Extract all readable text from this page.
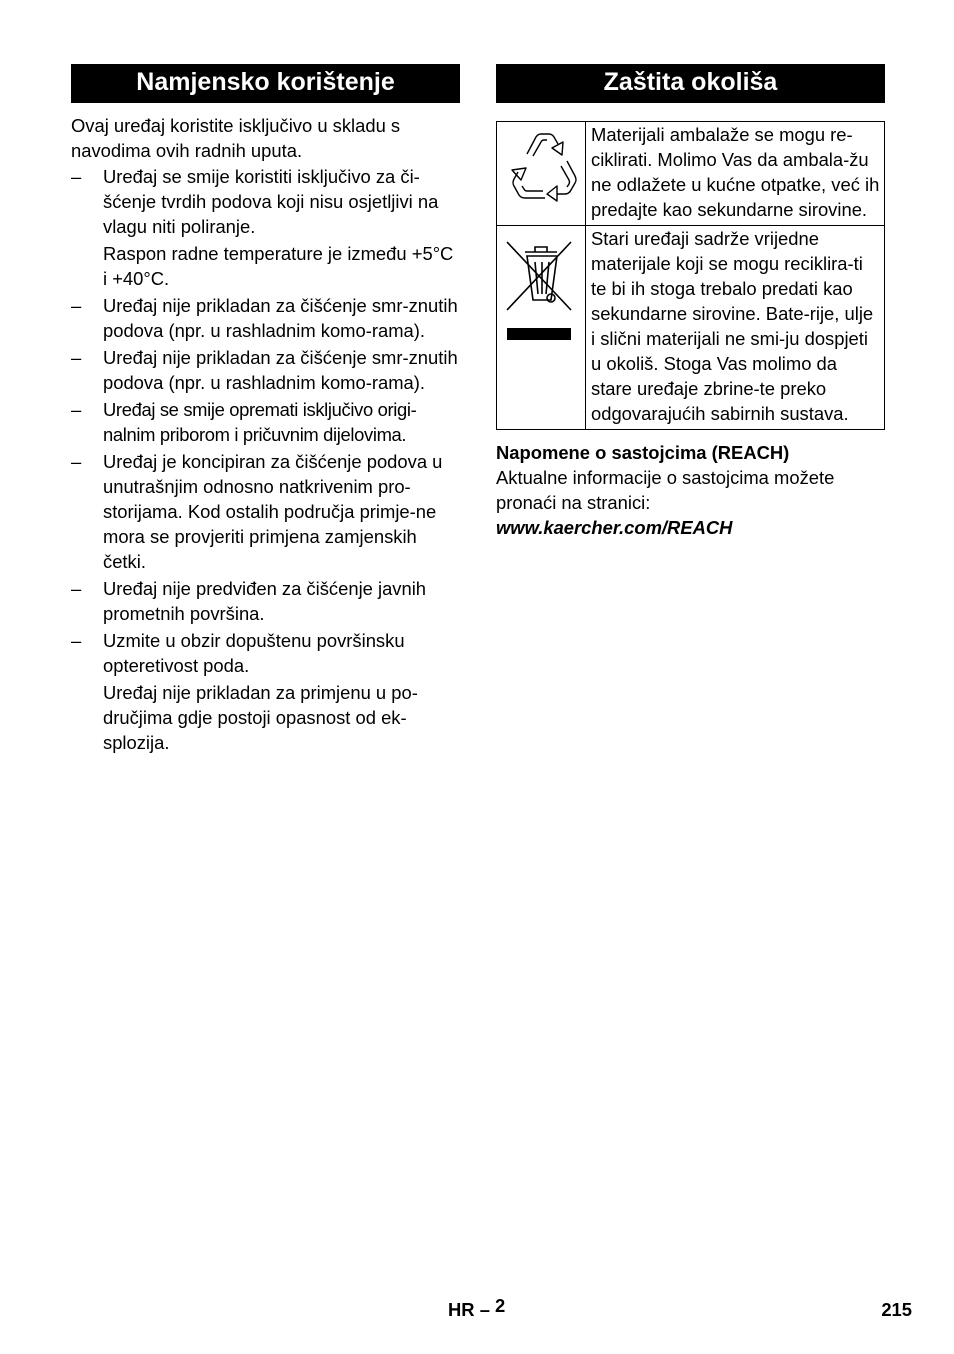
Namjensko korištenje

Ovaj uređaj koristite isključivo u skladu s navodima ovih radnih uputa.

– Uređaj se smije koristiti isključivo za či-šćenje tvrdih podova koji nisu osjetljivi na vlagu niti poliranje.

Raspon radne temperature je između +5°C i +40°C.

– Uređaj nije prikladan za čišćenje smr-znutih podova (npr. u rashladnim komo-rama).
– Uređaj nije prikladan za čišćenje smr-znutih podova (npr. u rashladnim komo-rama).
– Uređaj se smije opremati isključivo origi-nalnim priborom i pričuvnim dijelovima.
– Uređaj je koncipiran za čišćenje podova u unutrašnjim odnosno natkrivenim pro-storijama. Kod ostalih područja primje-ne mora se provjeriti primjena zamjenskih četki.
– Uređaj nije predviđen za čišćenje javnih prometnih površina.
– Uzmite u obzir dopuštenu površinsku opteretivost poda.

Uređaj nije prikladan za primjenu u po-dručjima gdje postoji opasnost od ek-splozija.

Zaštita okoliša
	Materijali ambalaže se mogu re-ciklirati. Molimo Vas da ambala-žu ne odlažete u kućne otpatke, već ih predajte kao sekundarne sirovine.

	Stari uređaji sadrže vrijedne materijale koji se mogu reciklira-ti te bi ih stoga trebalo predati kao sekundarne sirovine. Bate-rije, ulje i slični materijali ne smi-ju dospjeti u okoliš. Stoga Vas molimo da stare uređaje zbrine-te preko odgovarajućih sabirnih sustava.

Napomene o sastojcima (REACH)

Aktualne informacije o sastojcima možete pronaći na stranici:

www.kaercher.com/REACH

HR – 2	215
